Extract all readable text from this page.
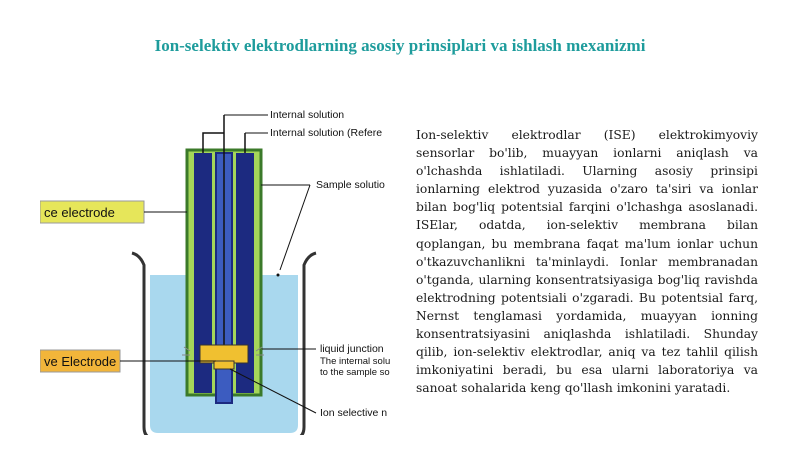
Ion-selektiv elektrodlarning asosiy prinsiplari va ishlash mexanizmi
ce electrode
ve Electrode
Internal solution
Internal solution (Refere
Sample solutio
liquid junction
The internal solu
to the sample so
Ion selective n

Ion-selektiv elektrodlar (ISE) elektrokimyoviy sensorlar bo'lib, muayyan ionlarni aniqlash va o'lchashda ishlatiladi. Ularning asosiy prinsipi ionlarning elektrod yuzasida o'zaro ta'siri va ionlar bilan bog'liq potentsial farqini o'lchashga asoslanadi. ISElar, odatda, ion-selektiv membrana bilan qoplangan, bu membrana faqat ma'lum ionlar uchun o'tkazuvchanlikni ta'minlaydi. Ionlar membranadan o'tganda, ularning konsentratsiyasiga bog'liq ravishda elektrodning potentsiali o'zgaradi. Bu potentsial farq, Nernst tenglamasi yordamida, muayyan ionning konsentratsiyasini aniqlashda ishlatiladi. Shunday qilib, ion-selektiv elektrodlar, aniq va tez tahlil qilish imkoniyatini beradi, bu esa ularni laboratoriya va sanoat sohalarida keng qo'llash imkonini yaratadi.
